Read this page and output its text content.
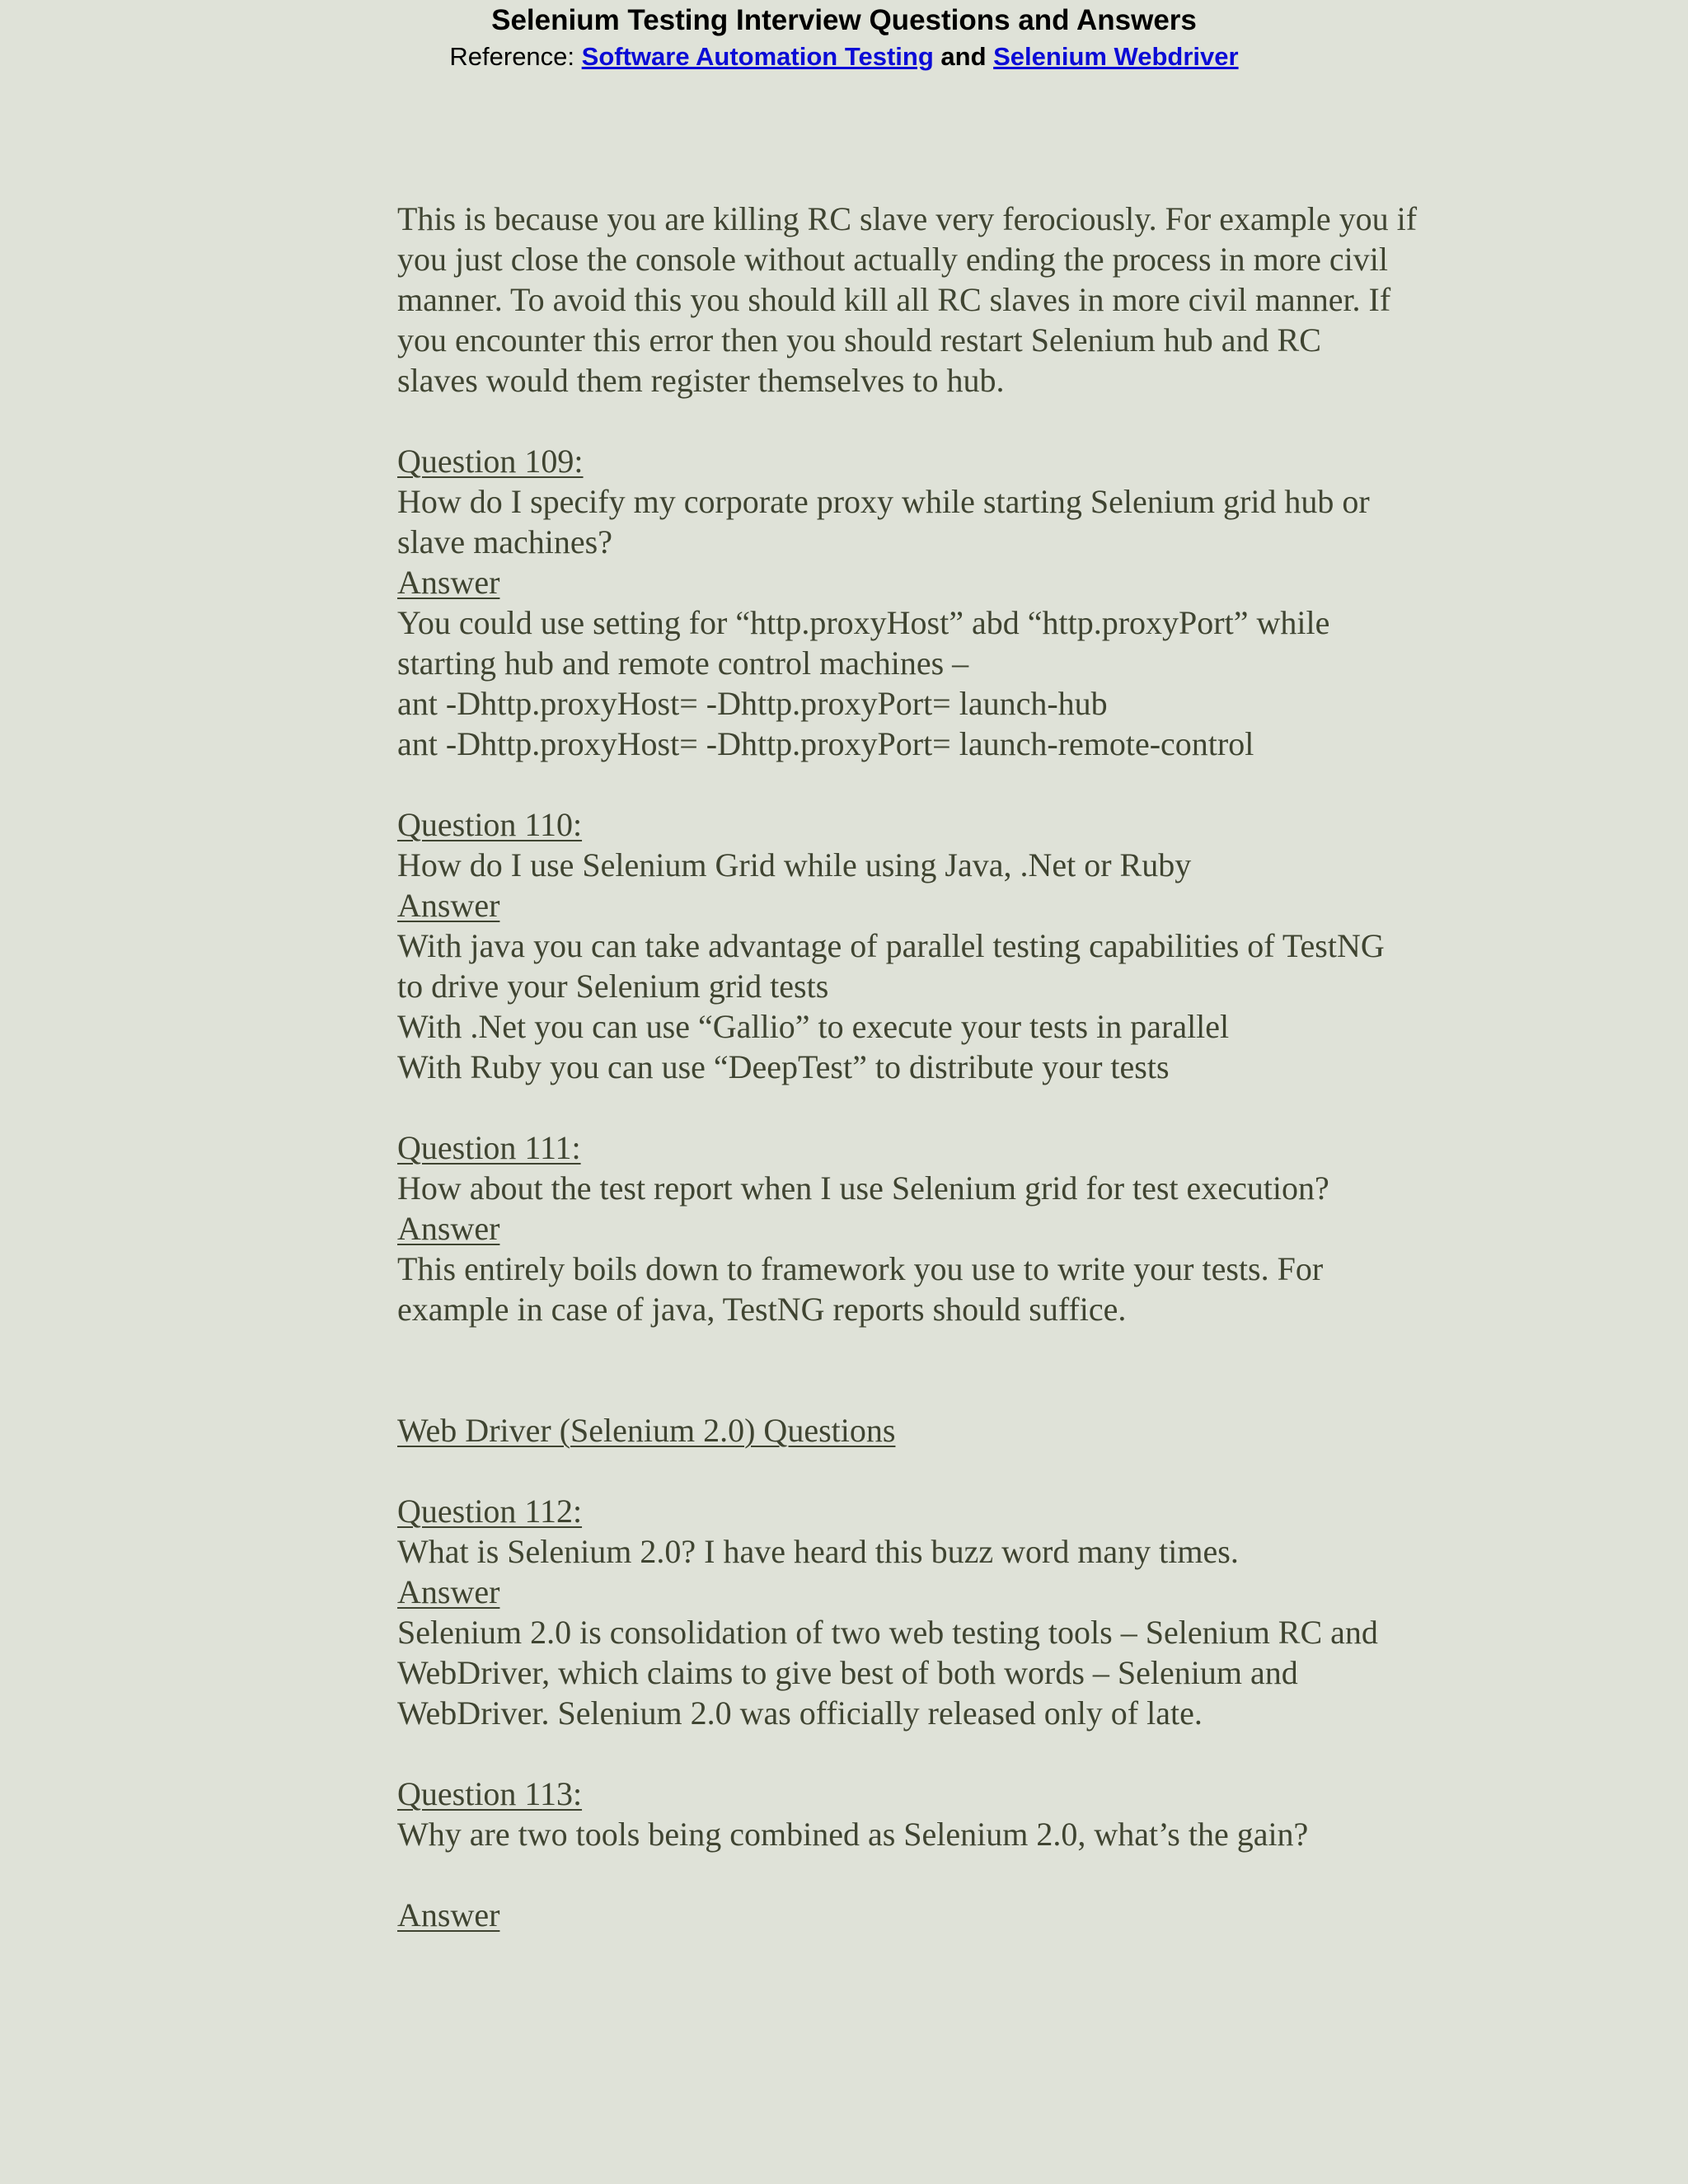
Selenium Testing Interview Questions and Answers
Reference: Software Automation Testing and Selenium Webdriver
This is because you are killing RC slave very ferociously. For example you if
you just close the console without actually ending the process in more civil
manner. To avoid this you should kill all RC slaves in more civil manner. If
you encounter this error then you should restart Selenium hub and RC
slaves would them register themselves to hub.
Question 109:
How do I specify my corporate proxy while starting Selenium grid hub or
slave machines?
Answer
You could use setting for “http.proxyHost” abd “http.proxyPort” while
starting hub and remote control machines –
ant -Dhttp.proxyHost= -Dhttp.proxyPort= launch-hub
ant -Dhttp.proxyHost= -Dhttp.proxyPort= launch-remote-control
Question 110:
How do I use Selenium Grid while using Java, .Net or Ruby
Answer
With java you can take advantage of parallel testing capabilities of TestNG
to drive your Selenium grid tests
With .Net you can use “Gallio” to execute your tests in parallel
With Ruby you can use “DeepTest” to distribute your tests
Question 111:
How about the test report when I use Selenium grid for test execution?
Answer
This entirely boils down to framework you use to write your tests. For
example in case of java, TestNG reports should suffice.
Web Driver (Selenium 2.0) Questions
Question 112:
What is Selenium 2.0? I have heard this buzz word many times.
Answer
Selenium 2.0 is consolidation of two web testing tools – Selenium RC and
WebDriver, which claims to give best of both words – Selenium and
WebDriver. Selenium 2.0 was officially released only of late.
Question 113:
Why are two tools being combined as Selenium 2.0, what’s the gain?
Answer
